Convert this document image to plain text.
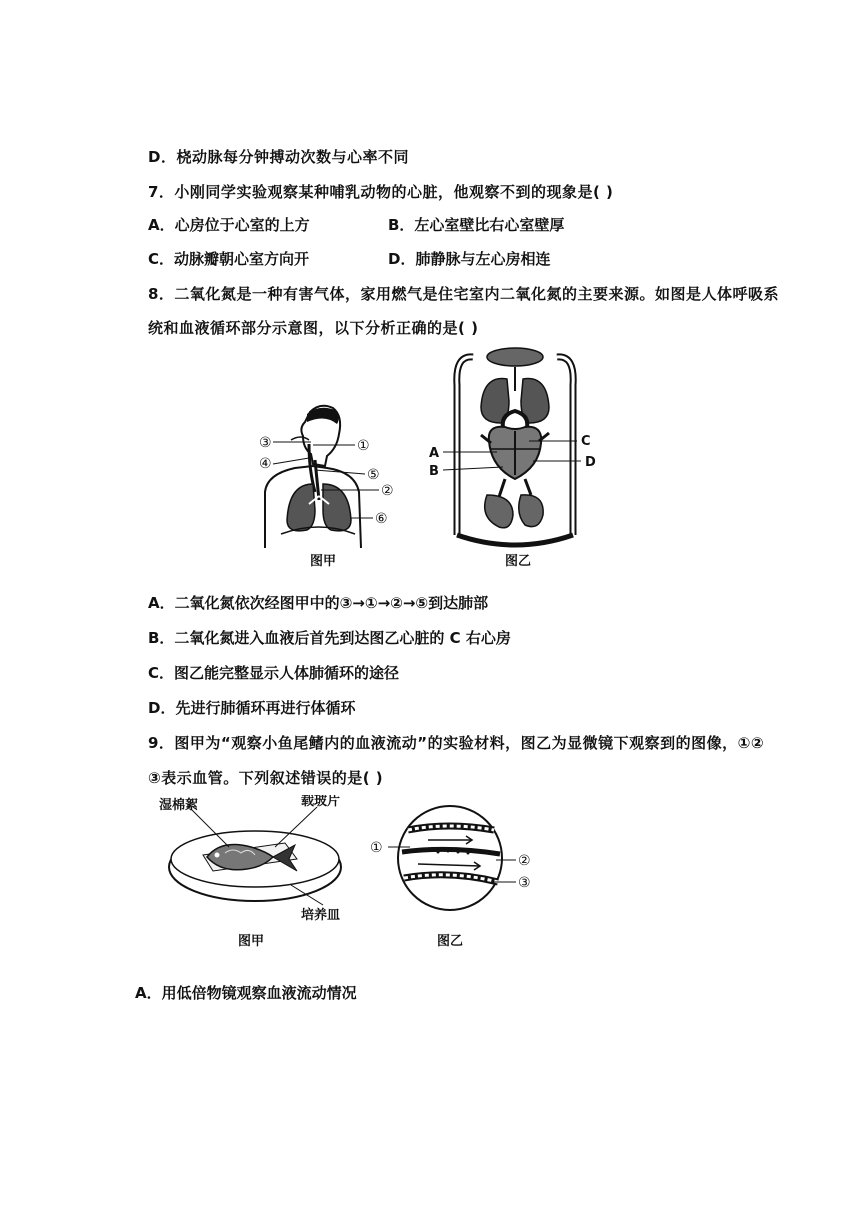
D．桡动脉每分钟搏动次数与心率不同
7．小刚同学实验观察某种哺乳动物的心脏，他观察不到的现象是( )
A．心房位于心室的上方	B．左心室壁比右心室壁厚
C．动脉瓣朝心室方向开	D．肺静脉与左心房相连
8．二氧化氮是一种有害气体，家用燃气是住宅室内二氧化氮的主要来源。如图是人体呼吸系
统和血液循环部分示意图，以下分析正确的是( )
③	①
④
⑤
②
⑥
图甲
A
B
C
D
图乙
A．二氧化氮依次经图甲中的③→①→②→⑤到达肺部
B．二氧化氮进入血液后首先到达图乙心脏的 C 右心房
C．图乙能完整显示人体肺循环的途径
D．先进行肺循环再进行体循环
9．图甲为“观察小鱼尾鳍内的血液流动”的实验材料，图乙为显微镜下观察到的图像，①②
③表示血管。下列叙述错误的是( )
湿棉絮	载玻片
培养皿
图甲
①
②
③
图乙
A．用低倍物镜观察血液流动情况
